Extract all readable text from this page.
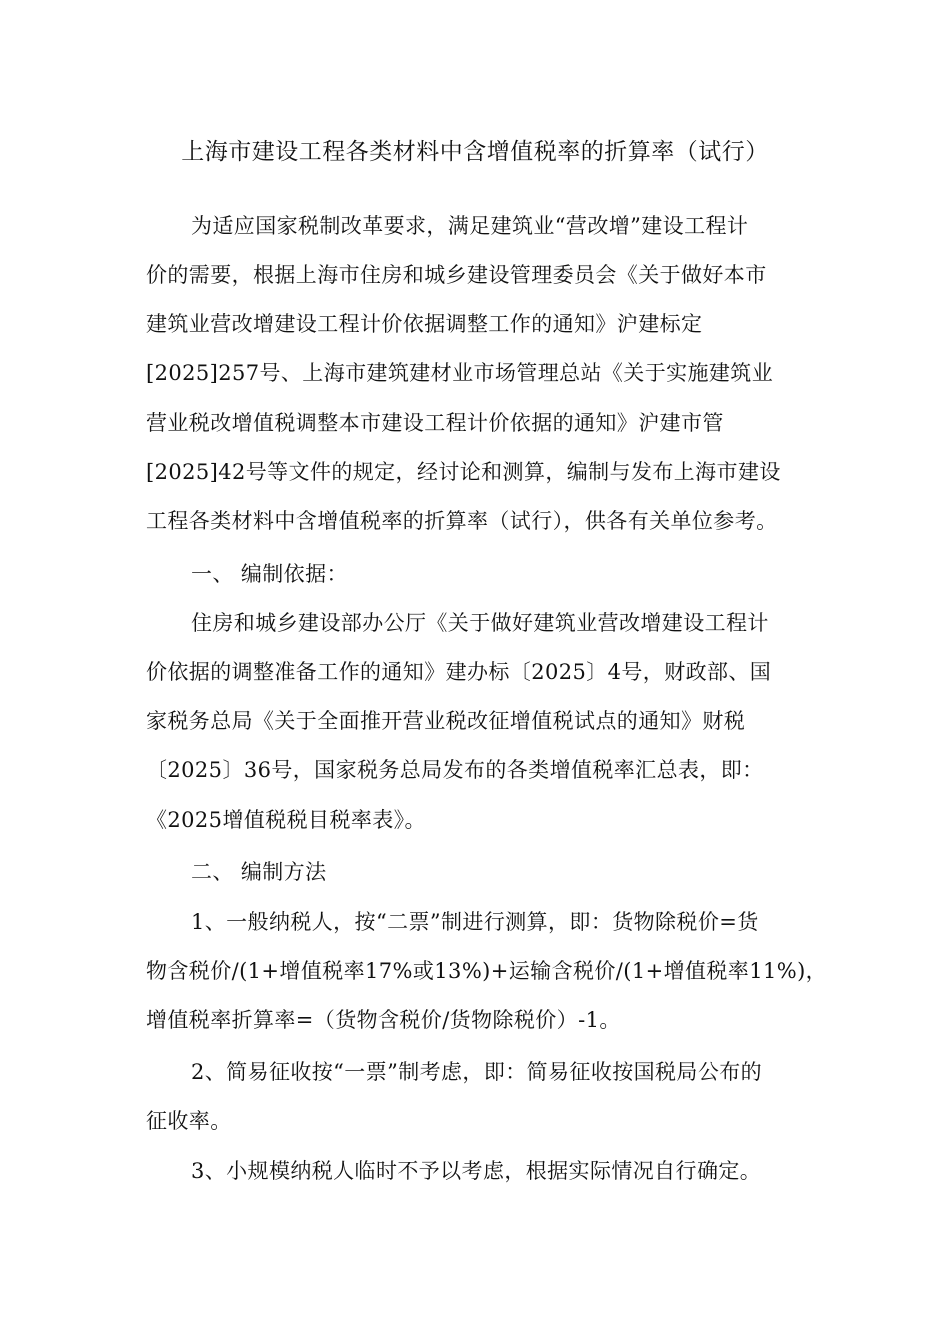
上海市建设工程各类材料中含增值税率的折算率（试行）
为适应国家税制改革要求，满足建筑业“营改增”建设工程计
价的需要，根据上海市住房和城乡建设管理委员会《关于做好本市
建筑业营改增建设工程计价依据调整工作的通知》沪建标定
[2025]257号、上海市建筑建材业市场管理总站《关于实施建筑业
营业税改增值税调整本市建设工程计价依据的通知》沪建市管
[2025]42号等文件的规定，经讨论和测算，编制与发布上海市建设
工程各类材料中含增值税率的折算率（试行），供各有关单位参考。
一、 编制依据：
住房和城乡建设部办公厅《关于做好建筑业营改增建设工程计
价依据的调整准备工作的通知》建办标〔2025〕4号，财政部、国
家税务总局《关于全面推开营业税改征增值税试点的通知》财税
〔2025〕36号，国家税务总局发布的各类增值税率汇总表，即：
《2025增值税税目税率表》。
二、 编制方法
1、一般纳税人，按“二票”制进行测算，即：货物除税价=货
物含税价/(1+增值税率17%或13%)+运输含税价/(1+增值税率11%)，
增值税率折算率=（货物含税价/货物除税价）-1。
2、简易征收按“一票”制考虑，即：简易征收按国税局公布的
征收率。
3、小规模纳税人临时不予以考虑，根据实际情况自行确定。
